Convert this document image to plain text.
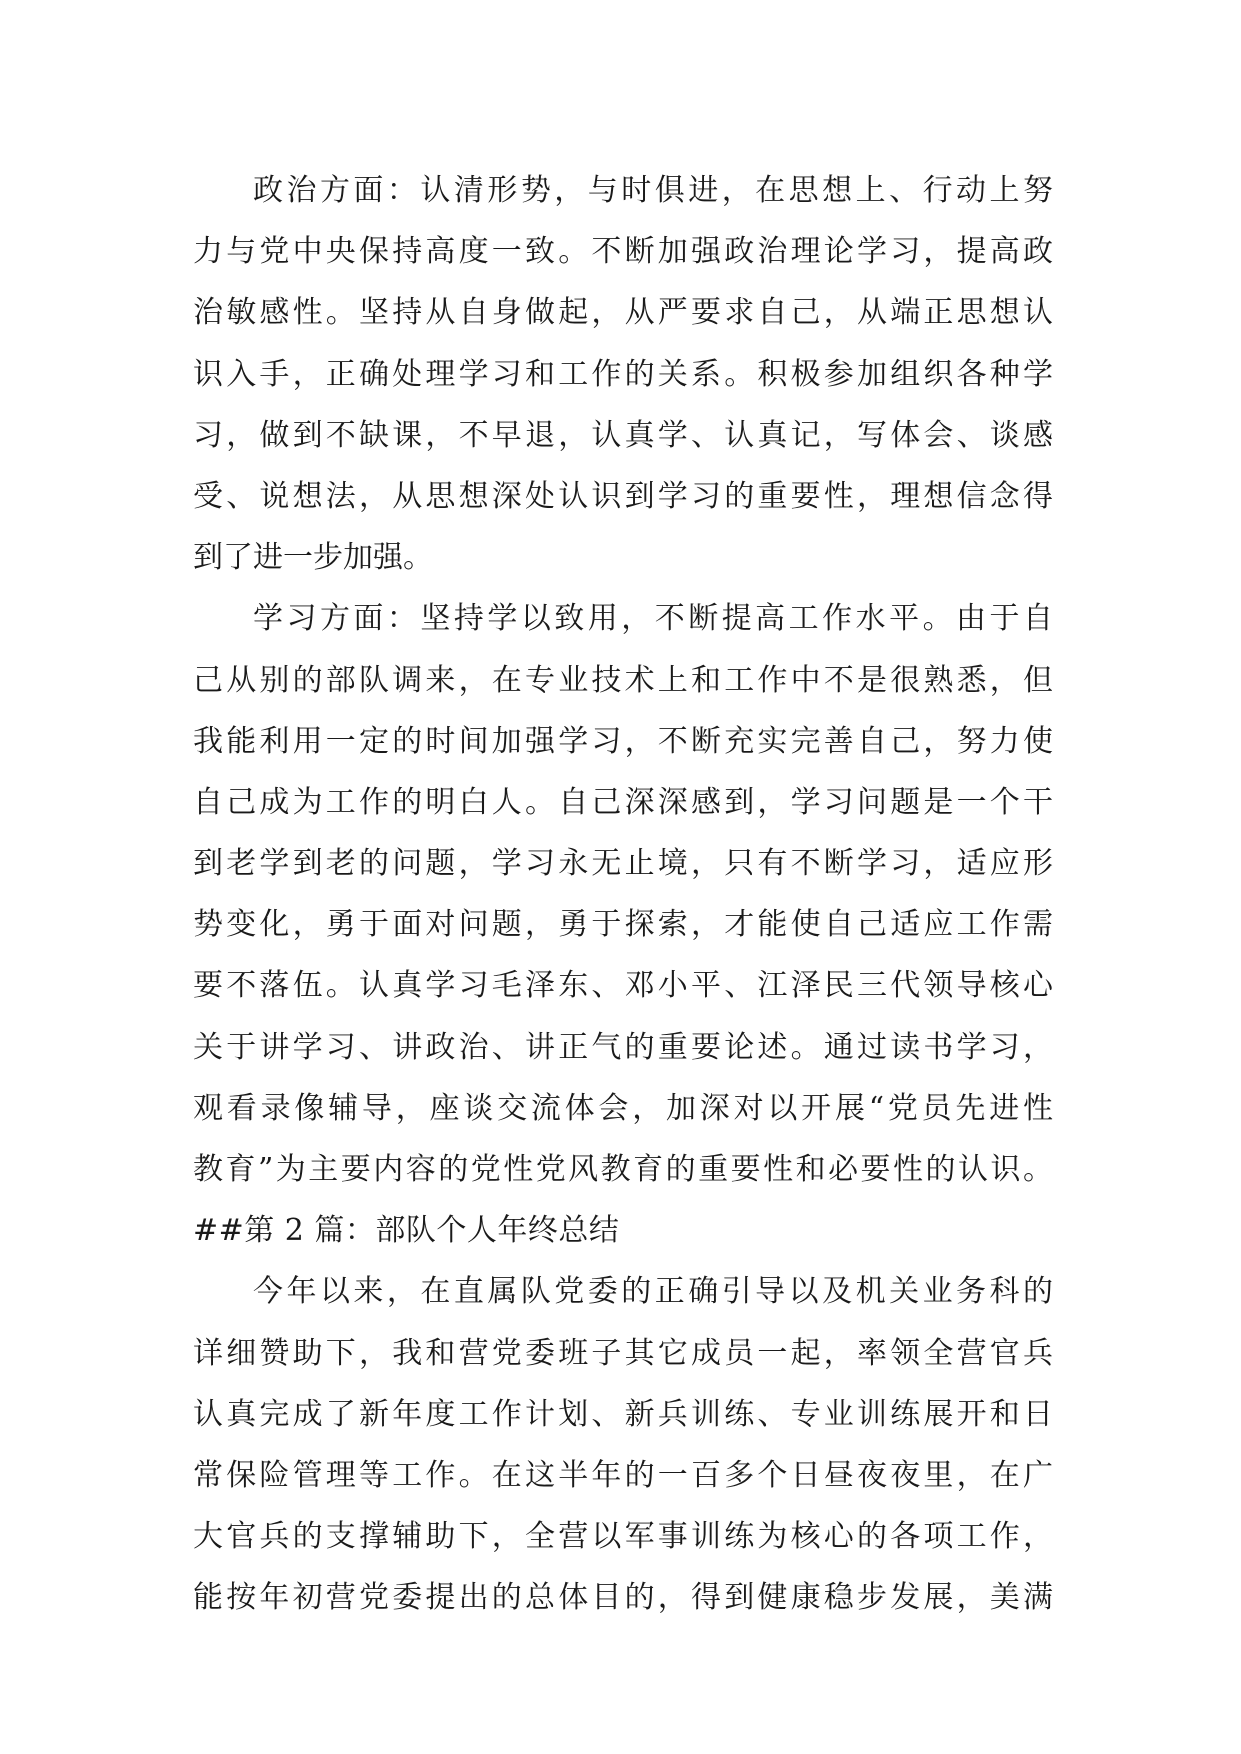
政治方面：认清形势，与时俱进，在思想上、行动上努
力与党中央保持高度一致。不断加强政治理论学习，提高政
治敏感性。坚持从自身做起，从严要求自己，从端正思想认
识入手，正确处理学习和工作的关系。积极参加组织各种学
习，做到不缺课，不早退，认真学、认真记，写体会、谈感
受、说想法，从思想深处认识到学习的重要性，理想信念得
到了进一步加强。
学习方面：坚持学以致用，不断提高工作水平。由于自
己从别的部队调来，在专业技术上和工作中不是很熟悉，但
我能利用一定的时间加强学习，不断充实完善自己，努力使
自己成为工作的明白人。自己深深感到，学习问题是一个干
到老学到老的问题，学习永无止境，只有不断学习，适应形
势变化，勇于面对问题，勇于探索，才能使自己适应工作需
要不落伍。认真学习毛泽东、邓小平、江泽民三代领导核心
关于讲学习、讲政治、讲正气的重要论述。通过读书学习，
观看录像辅导，座谈交流体会，加深对以开展“党员先进性
教育”为主要内容的党性党风教育的重要性和必要性的认识。
##第 2 篇：部队个人年终总结
今年以来，在直属队党委的正确引导以及机关业务科的
详细赞助下，我和营党委班子其它成员一起，率领全营官兵
认真完成了新年度工作计划、新兵训练、专业训练展开和日
常保险管理等工作。在这半年的一百多个日昼夜夜里，在广
大官兵的支撑辅助下，全营以军事训练为核心的各项工作，
能按年初营党委提出的总体目的，得到健康稳步发展，美满
